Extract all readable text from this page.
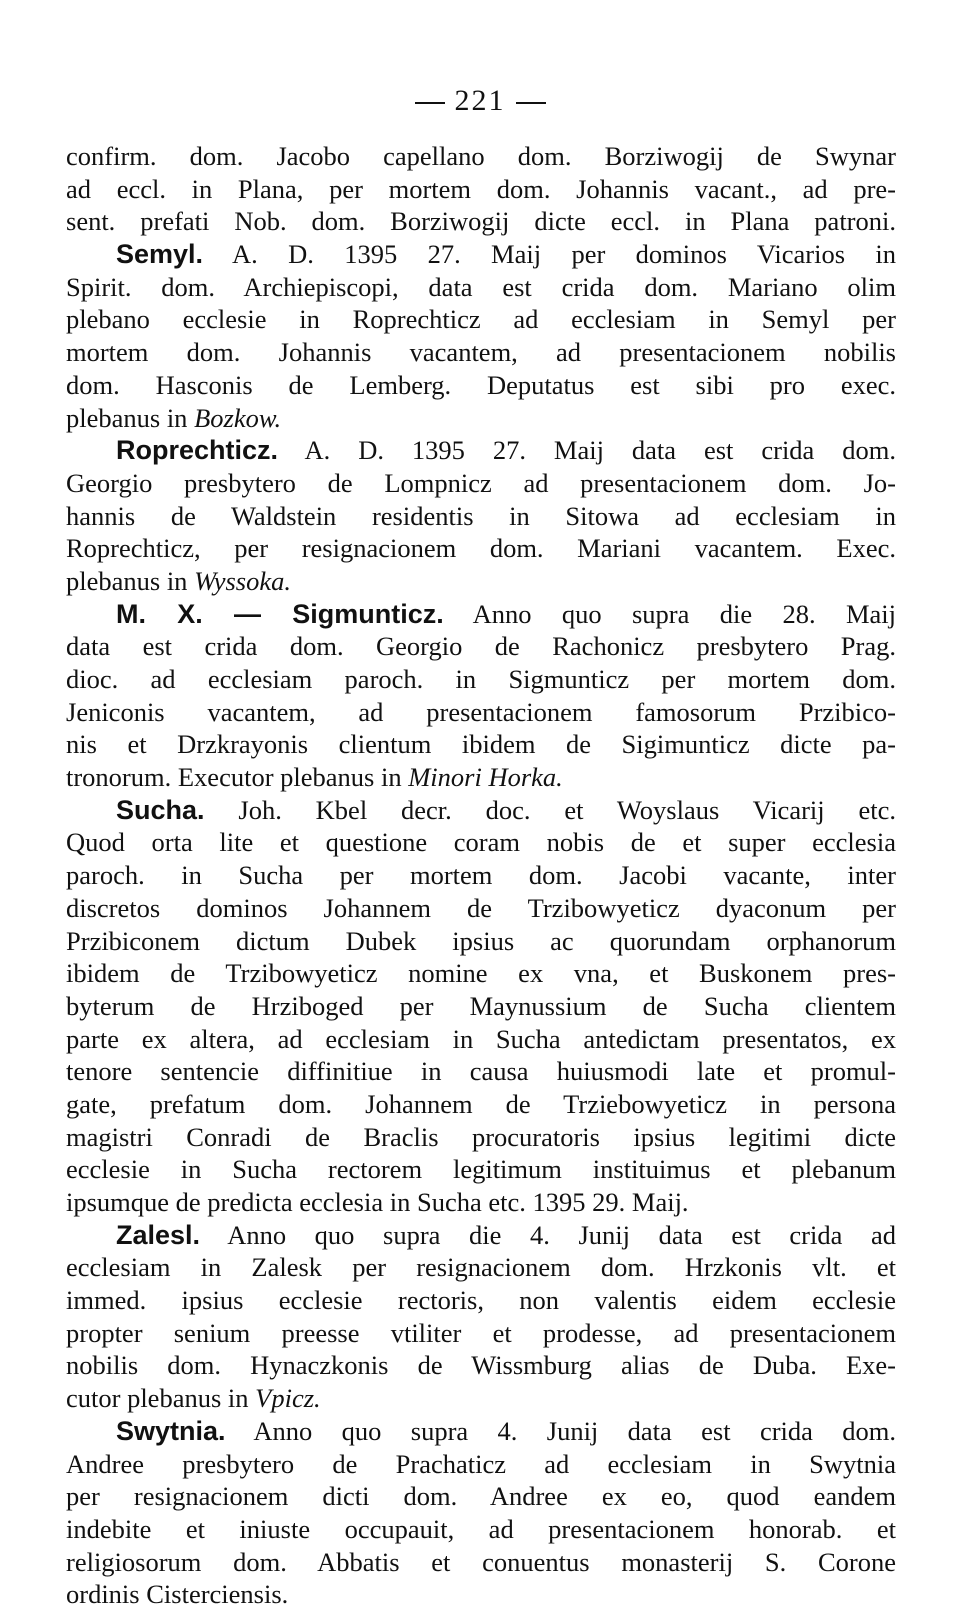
221
confirm. dom. Jacobo capellano dom. Borziwogij de Swynar
ad eccl. in Plana, per mortem dom. Johannis vacant., ad pre-
sent. prefati Nob. dom. Borziwogij dicte eccl. in Plana patroni.
Semyl. A. D. 1395 27. Maij per dominos Vicarios in
Spirit. dom. Archiepiscopi, data est crida dom. Mariano olim
plebano ecclesie in Roprechticz ad ecclesiam in Semyl per
mortem dom. Johannis vacantem, ad presentacionem nobilis
dom. Hasconis de Lemberg. Deputatus est sibi pro exec.
plebanus in Bozkow.
Roprechticz. A. D. 1395 27. Maij data est crida dom.
Georgio presbytero de Lompnicz ad presentacionem dom. Jo-
hannis de Waldstein residentis in Sitowa ad ecclesiam in
Roprechticz, per resignacionem dom. Mariani vacantem. Exec.
plebanus in Wyssoka.
M. X. — Sigmunticz. Anno quo supra die 28. Maij
data est crida dom. Georgio de Rachonicz presbytero Prag.
dioc. ad ecclesiam paroch. in Sigmunticz per mortem dom.
Jeniconis vacantem, ad presentacionem famosorum Przibico-
nis et Drzkrayonis clientum ibidem de Sigimunticz dicte pa-
tronorum. Executor plebanus in Minori Horka.
Sucha. Joh. Kbel decr. doc. et Woyslaus Vicarij etc.
Quod orta lite et questione coram nobis de et super ecclesia
paroch. in Sucha per mortem dom. Jacobi vacante, inter
discretos dominos Johannem de Trzibowyeticz dyaconum per
Przibiconem dictum Dubek ipsius ac quorundam orphanorum
ibidem de Trzibowyeticz nomine ex vna, et Buskonem pres-
byterum de Hrziboged per Maynussium de Sucha clientem
parte ex altera, ad ecclesiam in Sucha antedictam presentatos, ex
tenore sentencie diffinitiue in causa huiusmodi late et promul-
gate, prefatum dom. Johannem de Trziebowyeticz in persona
magistri Conradi de Braclis procuratoris ipsius legitimi dicte
ecclesie in Sucha rectorem legitimum instituimus et plebanum
ipsumque de predicta ecclesia in Sucha etc. 1395 29. Maij.
Zalesl. Anno quo supra die 4. Junij data est crida ad
ecclesiam in Zalesk per resignacionem dom. Hrzkonis vlt. et
immed. ipsius ecclesie rectoris, non valentis eidem ecclesie
propter senium preesse vtiliter et prodesse, ad presentacionem
nobilis dom. Hynaczkonis de Wissmburg alias de Duba. Exe-
cutor plebanus in Vpicz.
Swytnia. Anno quo supra 4. Junij data est crida dom.
Andree presbytero de Prachaticz ad ecclesiam in Swytnia
per resignacionem dicti dom. Andree ex eo, quod eandem
indebite et iniuste occupauit, ad presentacionem honorab. et
religiosorum dom. Abbatis et conuentus monasterij S. Corone
ordinis Cisterciensis.
